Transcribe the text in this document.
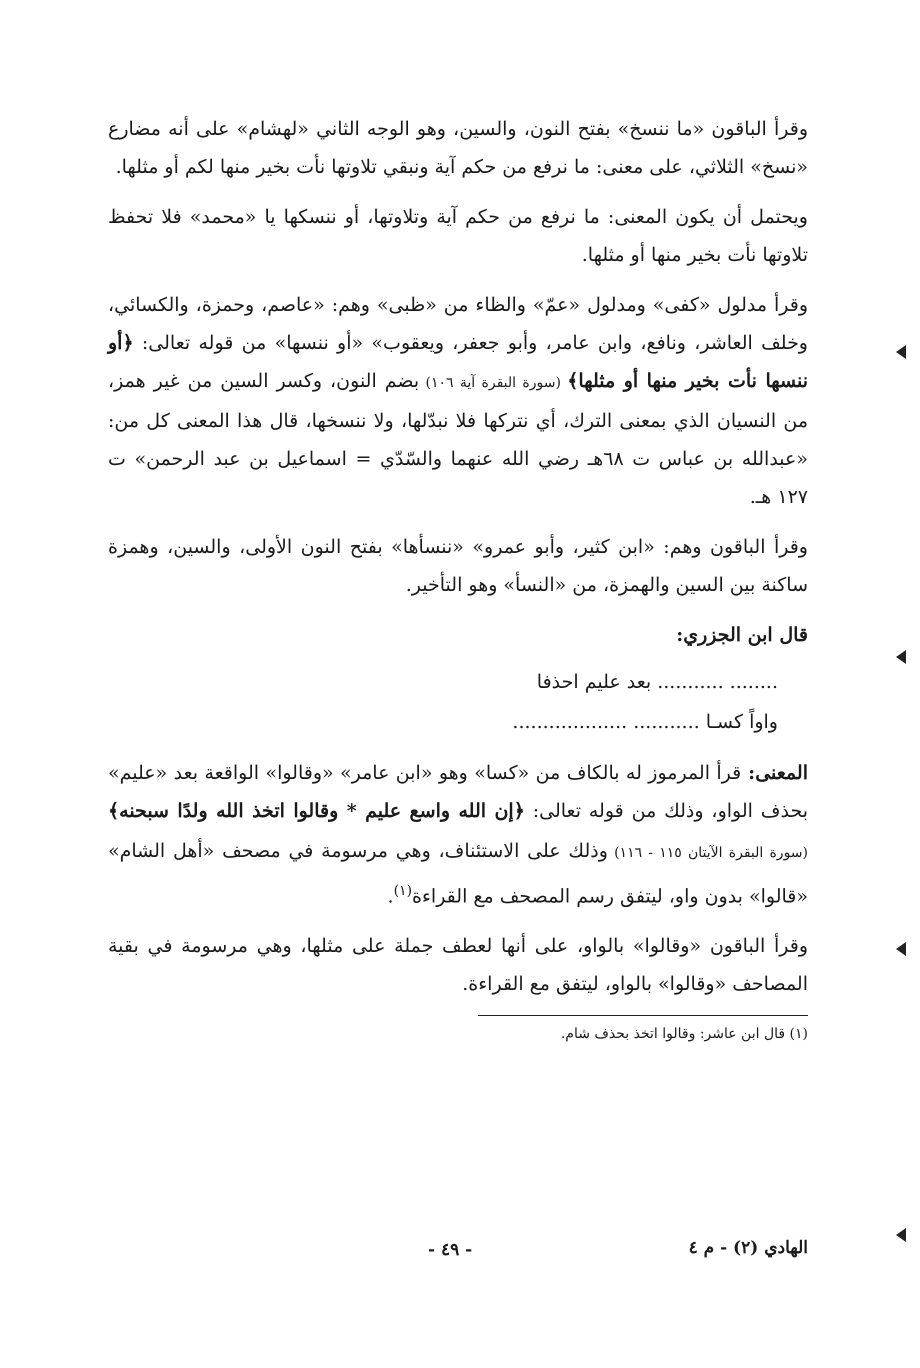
وقرأ الباقون «ما ننسخ» بفتح النون، والسين، وهو الوجه الثاني «لهشام» على أنه مضارع «نسخ» الثلاثي، على معنى: ما نرفع من حكم آية ونبقي تلاوتها نأت بخير منها لكم أو مثلها.

ويحتمل أن يكون المعنى: ما نرفع من حكم آية وتلاوتها، أو ننسكها يا «محمد» فلا تحفظ تلاوتها نأت بخير منها أو مثلها.

وقرأ مدلول «كفى» ومدلول «عمّ» والظاء من «ظبى» وهم: «عاصم، وحمزة، والكسائي، وخلف العاشر، ونافع، وابن عامر، وأبو جعفر، ويعقوب» «أو ننسها» من قوله تعالى: ﴿أو ننسها نأت بخير منها أو مثلها﴾ (سورة البقرة آية ١٠٦) بضم النون، وكسر السين من غير همز، من النسيان الذي بمعنى الترك، أي نتركها فلا نبدّلها، ولا ننسخها، قال هذا المعنى كل من: «عبدالله بن عباس ت ٦٨هـ رضي الله عنهما والسّدّي = اسماعيل بن عبد الرحمن» ت ١٢٧ هـ.

وقرأ الباقون وهم: «ابن كثير، وأبو عمرو» «ننسأها» بفتح النون الأولى، والسين، وهمزة ساكنة بين السين والهمزة، من «النسأ» وهو التأخير.

قال ابن الجزري:

........ ........... بعد عليم احذفا

واواً كسـا ........... ...................

المعنى: قرأ المرموز له بالكاف من «كسا» وهو «ابن عامر» «وقالوا» الواقعة بعد «عليم» بحذف الواو، وذلك من قوله تعالى: ﴿إن الله واسع عليم * وقالوا اتخذ الله ولدًا سبحنه﴾ (سورة البقرة الآيتان ١١٥ - ١١٦) وذلك على الاستئناف، وهي مرسومة في مصحف «أهل الشام» «قالوا» بدون واو، ليتفق رسم المصحف مع القراءة$^{(١)}$.

وقرأ الباقون «وقالوا» بالواو، على أنها لعطف جملة على مثلها، وهي مرسومة في بقية المصاحف «وقالوا» بالواو، ليتفق مع القراءة.

(١) قال ابن عاشر: وقالوا اتخذ بحذف شام.
الهادي (٢) - م ٤
- ٤٩ -
